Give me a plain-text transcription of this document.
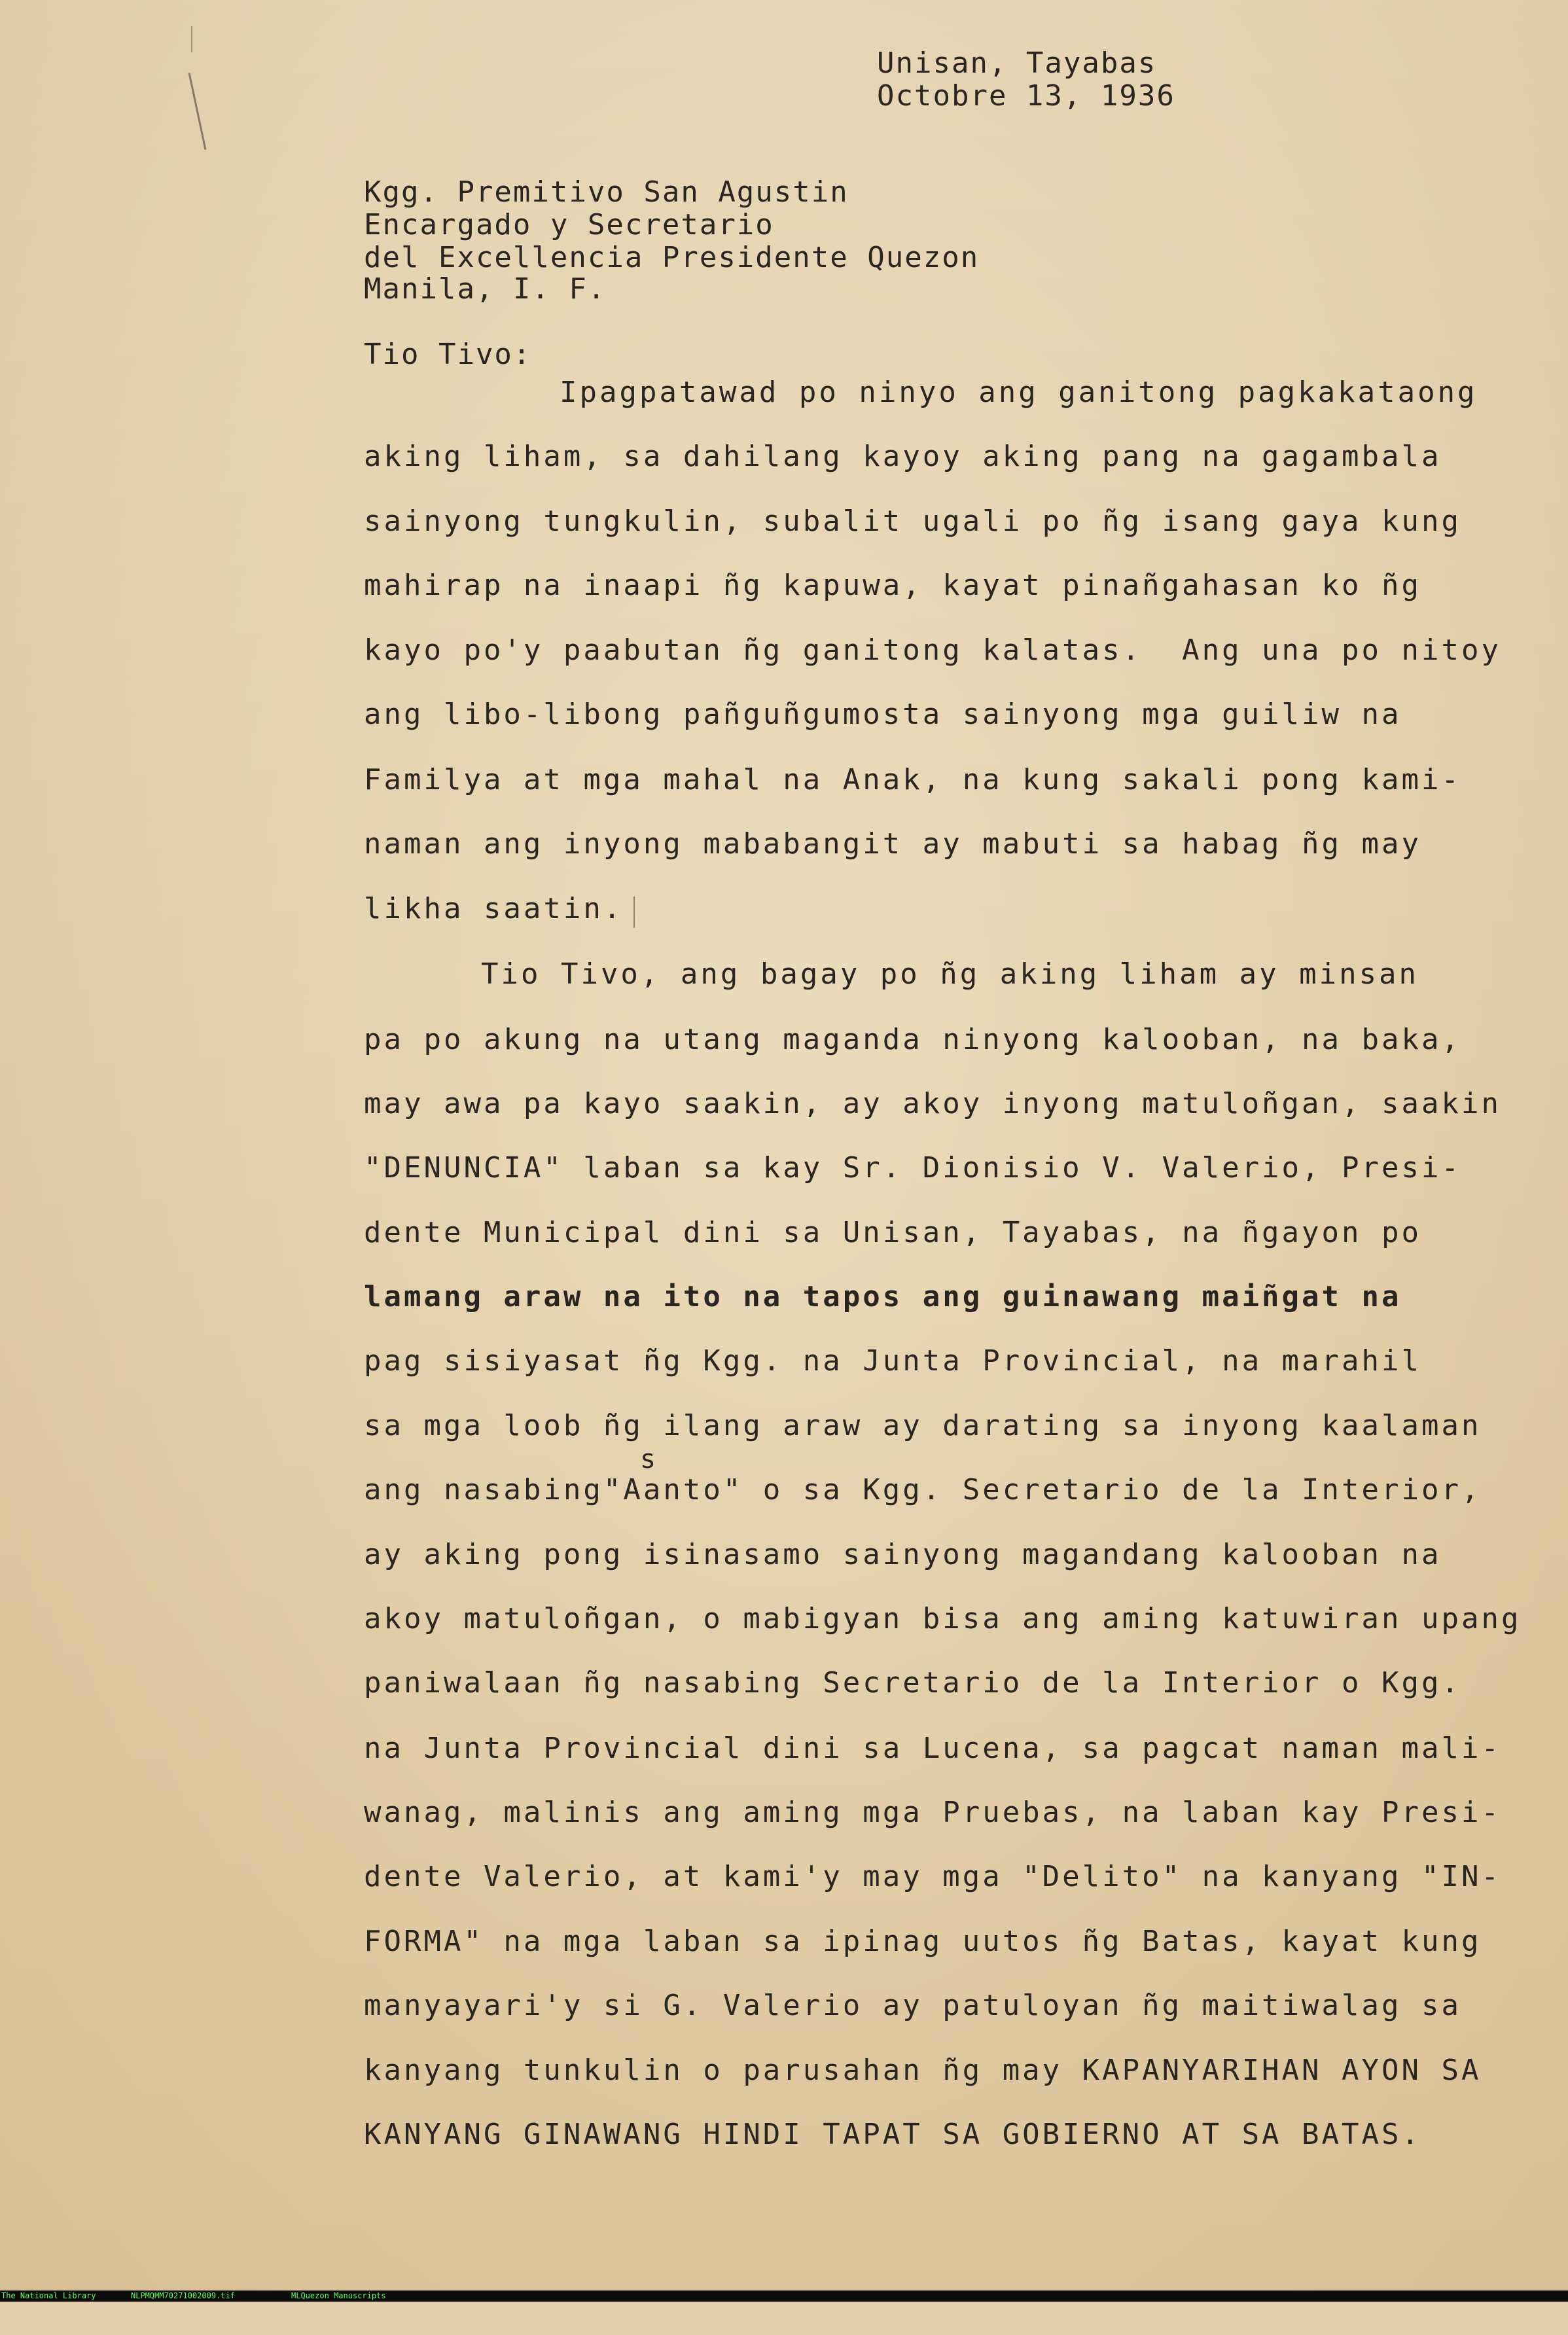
Unisan, Tayabas
Octobre 13, 1936
Kgg. Premitivo San Agustin
Encargado y Secretario
del Excellencia Presidente Quezon
Manila, I. F.
Tio Tivo:
Ipagpatawad po ninyo ang ganitong pagkakataong
aking liham, sa dahilang kayoy aking pang na gagambala
sainyong tungkulin, subalit ugali po ñg isang gaya kung
mahirap na inaapi ñg kapuwa, kayat pinañgahasan ko ñg
kayo po'y paabutan ñg ganitong kalatas.  Ang una po nitoy
ang libo-libong pañguñgumosta sainyong mga guiliw na
Familya at mga mahal na Anak, na kung sakali pong kami-
naman ang inyong mababangit ay mabuti sa habag ñg may
likha saatin.
Tio Tivo, ang bagay po ñg aking liham ay minsan
pa po akung na utang maganda ninyong kalooban, na baka,
may awa pa kayo saakin, ay akoy inyong matuloñgan, saakin
"DENUNCIA" laban sa kay Sr. Dionisio V. Valerio, Presi-
dente Municipal dini sa Unisan, Tayabas, na ñgayon po
lamang araw na ito na tapos ang guinawang maiñgat na
pag sisiyasat ñg Kgg. na Junta Provincial, na marahil
sa mga loob ñg ilang araw ay darating sa inyong kaalaman
s
ang nasabing"Aanto" o sa Kgg. Secretario de la Interior,
ay aking pong isinasamo sainyong magandang kalooban na
akoy matuloñgan, o mabigyan bisa ang aming katuwiran upang
paniwalaan ñg nasabing Secretario de la Interior o Kgg.
na Junta Provincial dini sa Lucena, sa pagcat naman mali-
wanag, malinis ang aming mga Pruebas, na laban kay Presi-
dente Valerio, at kami'y may mga "Delito" na kanyang "IN-
FORMA" na mga laban sa ipinag uutos ñg Batas, kayat kung
manyayari'y si G. Valerio ay patuloyan ñg maitiwalag sa
kanyang tunkulin o parusahan ñg may KAPANYARIHAN AYON SA
KANYANG GINAWANG HINDI TAPAT SA GOBIERNO AT SA BATAS.

The National Library

	NLPMQMM70271002009.tif

	MLQuezon Manuscripts
